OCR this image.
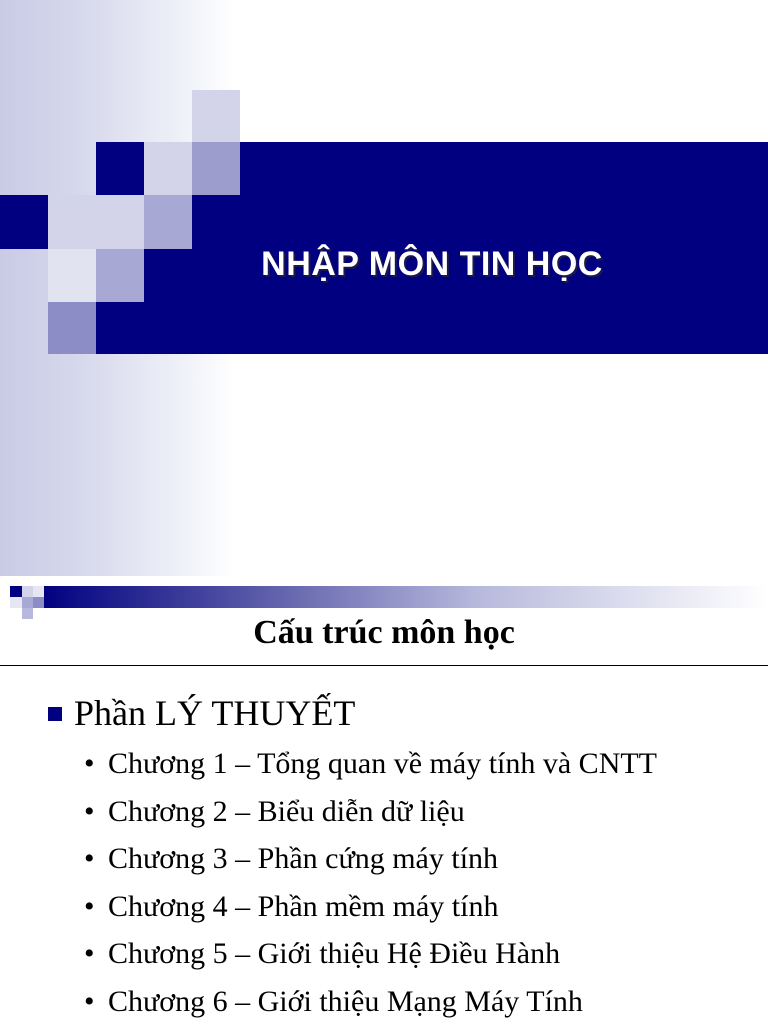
NHẬP MÔN TIN HỌC
Cấu trúc môn học
Phần LÝ THUYẾT
• Chương 1 – Tổng quan về máy tính và CNTT
• Chương 2 – Biểu diễn dữ liệu
• Chương 3 – Phần cứng máy tính
• Chương 4 – Phần mềm máy tính
• Chương 5 – Giới thiệu Hệ Điều Hành
• Chương 6 – Giới thiệu Mạng Máy Tính
